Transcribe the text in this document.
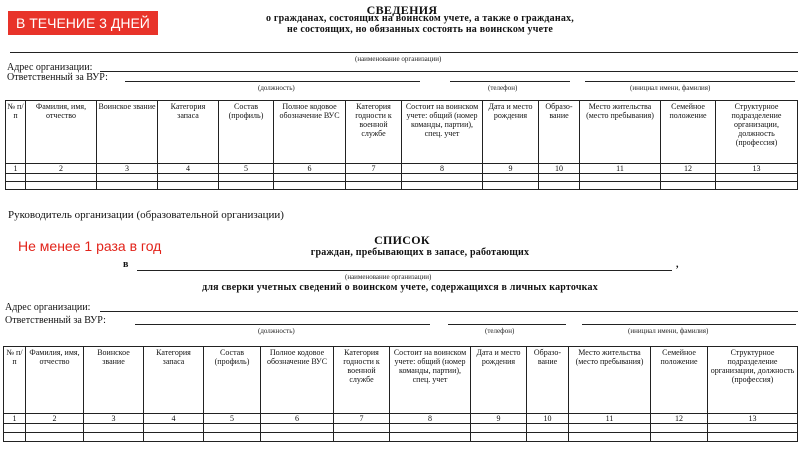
В ТЕЧЕНИЕ 3 ДНЕЙ
СВЕДЕНИЯ
о гражданах, состоящих на воинском учете, а также о гражданах,
не состоящих, но обязанных состоять на воинском учете
(наименование организации)
Адрес организации:
Ответственный за ВУР:
(должность)	(телефон)	(инициал имени, фамилия)
№ п/п	Фамилия, имя, отчество	Воинское звание	Категория запаса	Состав (профиль)	Полное кодовое обозначение ВУС	Категория годности к военной службе	Состоит на воинском учете: общий (номер команды, партии), спец. учет	Дата и место рождения	Образо- вание	Место жительства (место пребывания)	Семейное положение	Структурное подразделение организации, должность (профессия)
1	2	3	4	5	6	7	8	9	10	11	12	13

Руководитель организации (образовательной организации)
Не менее 1 раза в год	СПИСОК
граждан, пребывающих в запасе, работающих
в	,
(наименование организации)
для сверки учетных сведений о воинском учете, содержащихся в личных карточках
Адрес организации:
Ответственный за ВУР:
(должность)	(телефон)	(инициал имени, фамилия)
№ п/п	Фамилия, имя, отчество	Воинское звание	Категория запаса	Состав (профиль)	Полное кодовое обозначение ВУС	Категория годности к военной службе	Состоит на воинском учете: общий (номер команды, партии), спец. учет	Дата и место рождения	Образо- вание	Место жительства (место пребывания)	Семейное положение	Структурное подразделение организации, должность (профессия)
1	2	3	4	5	6	7	8	9	10	11	12	13
